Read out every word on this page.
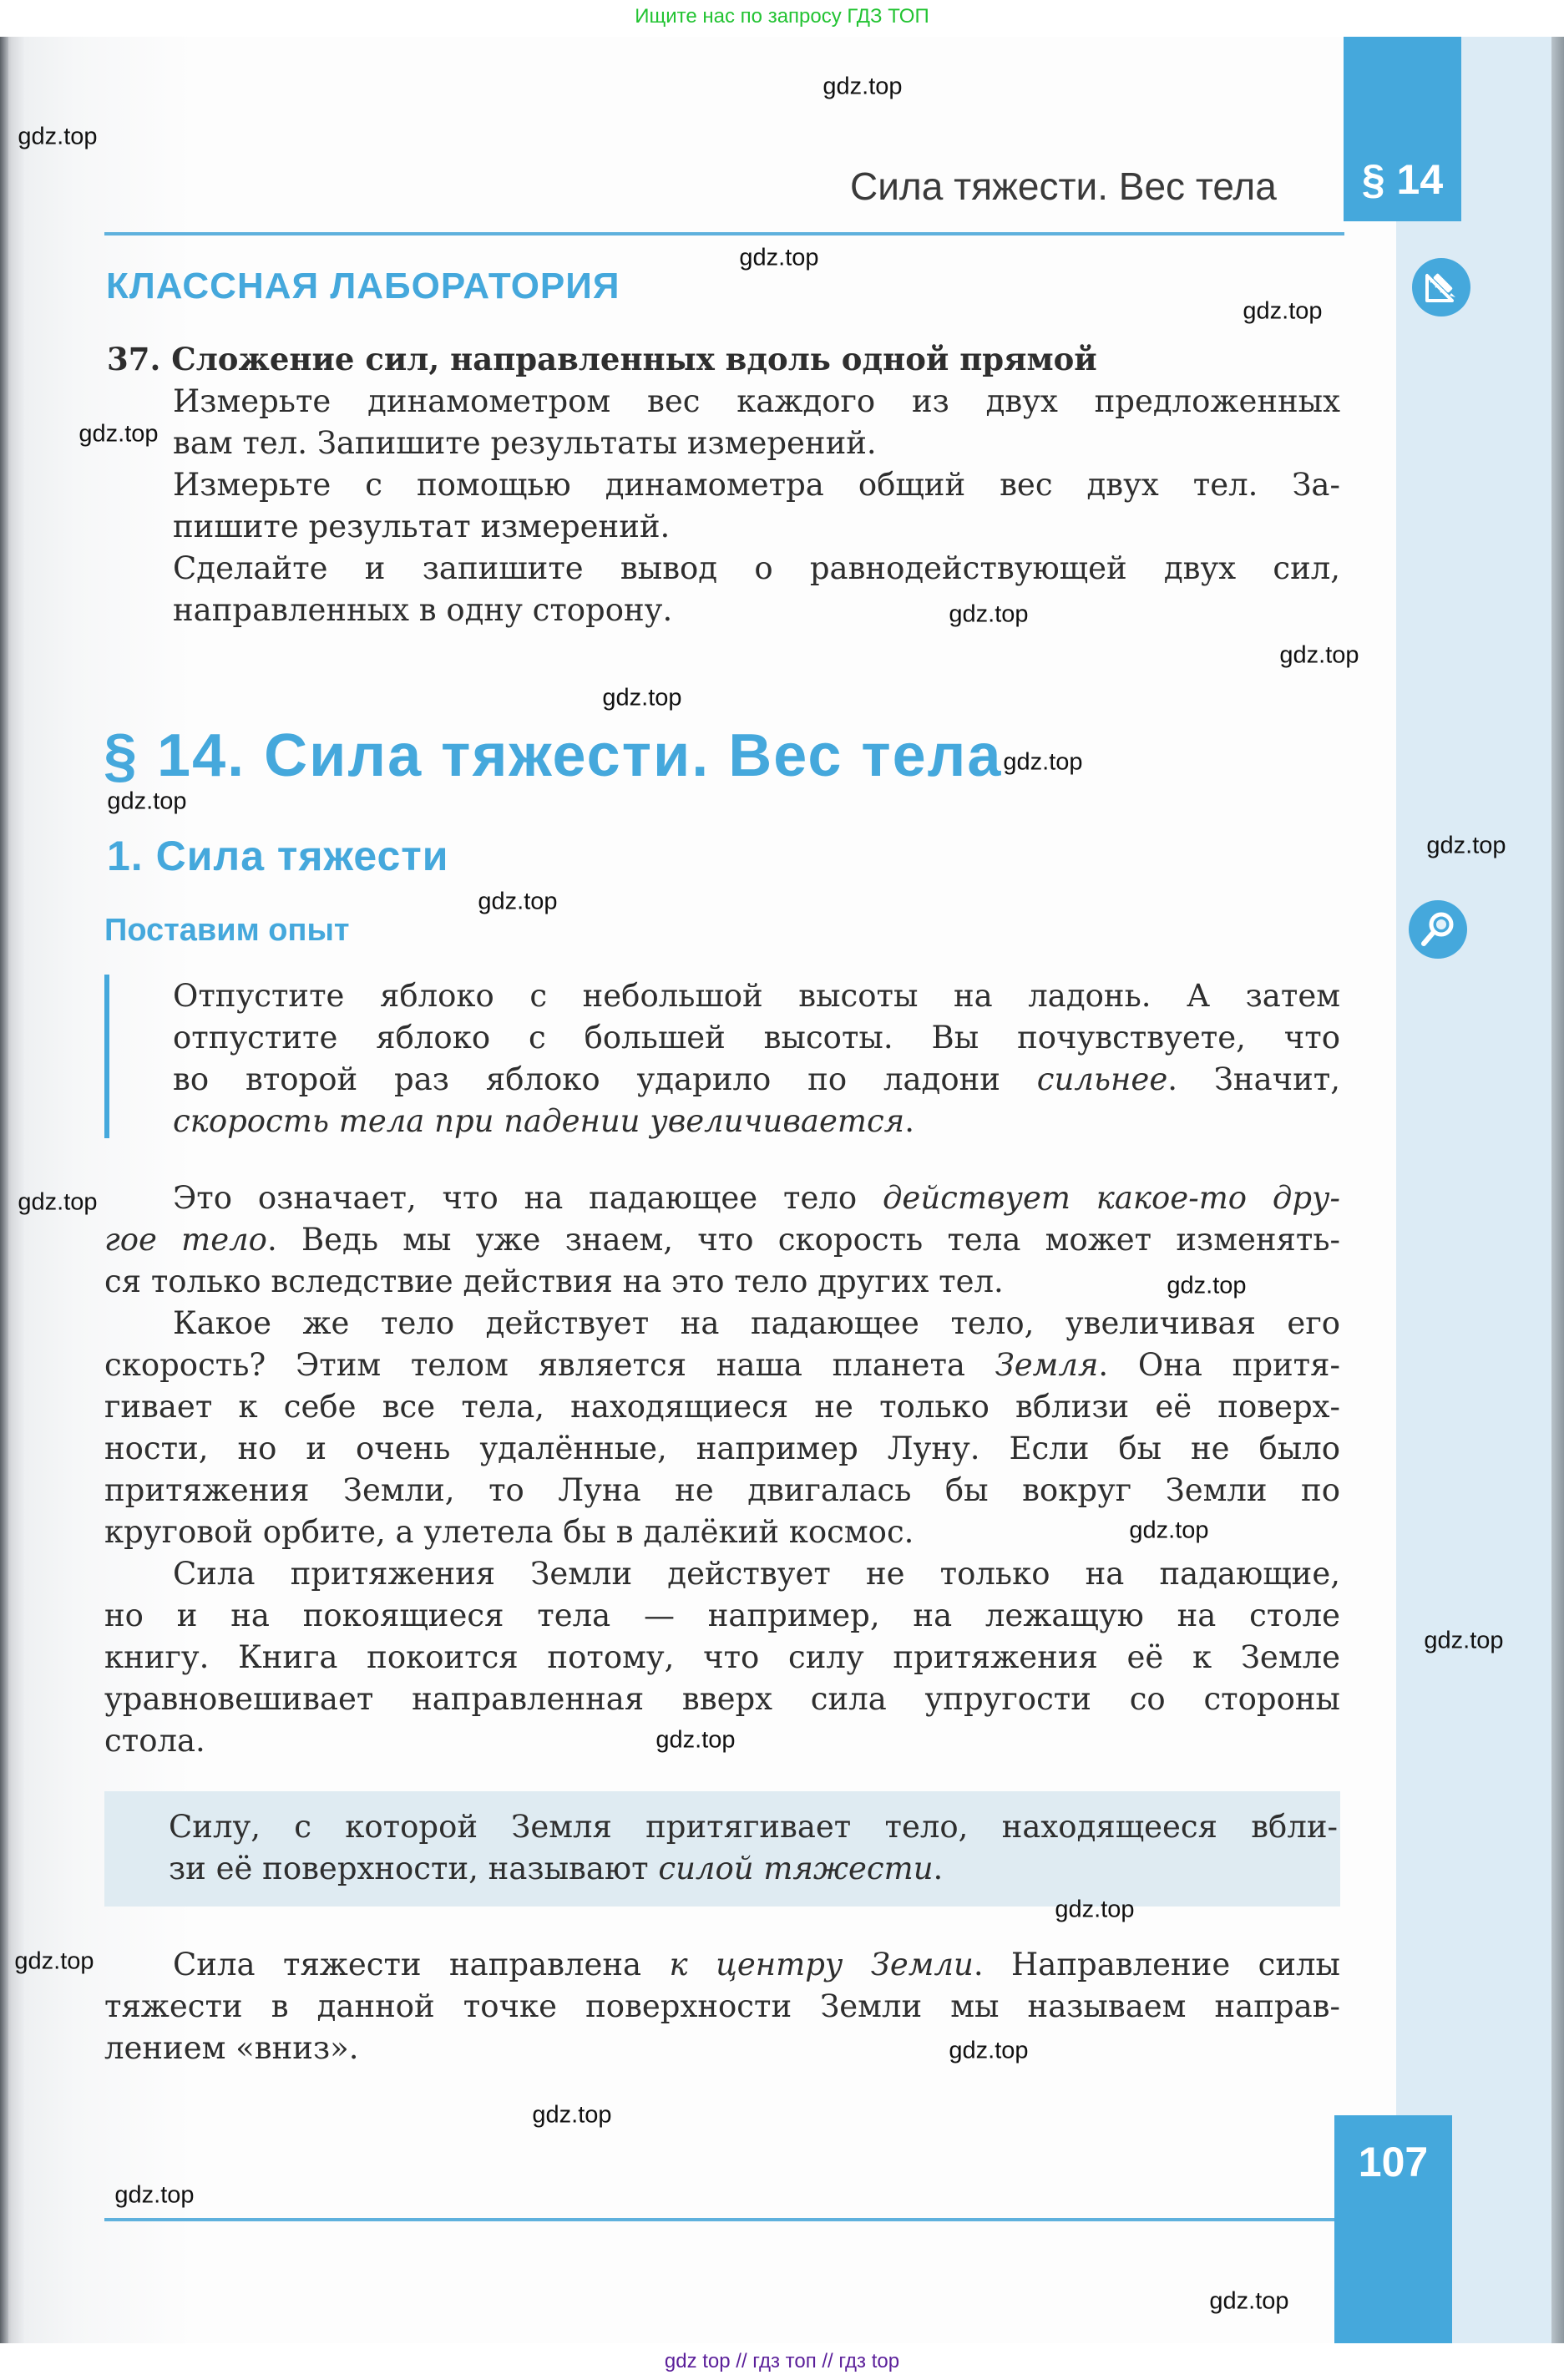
Ищите нас по запросу ГДЗ ТОП
Сила тяжести. Вес тела	§ 14
КЛАССНАЯ ЛАБОРАТОРИЯ
37. Сложение сил, направленных вдоль одной прямой
Измерьте динамометром вес каждого из двух предложенных
вам тел. Запишите результаты измерений.
Измерьте с помощью динамометра общий вес двух тел. За-
пишите результат измерений.
Сделайте и запишите вывод о равнодействующей двух сил,
направленных в одну сторону.
§ 14. Сила тяжести. Вес тела
1. Сила тяжести
Поставим опыт
Отпустите яблоко с небольшой высоты на ладонь. А затем
отпустите яблоко с большей высоты. Вы почувствуете, что
во второй раз яблоко ударило по ладони сильнее. Значит,
скорость тела при падении увеличивается.
Это означает, что на падающее тело действует какое-то дру-
гое тело. Ведь мы уже знаем, что скорость тела может изменять-
ся только вследствие действия на это тело других тел.
Какое же тело действует на падающее тело, увеличивая его
скорость? Этим телом является наша планета Земля. Она притя-
гивает к себе все тела, находящиеся не только вблизи её поверх-
ности, но и очень удалённые, например Луну. Если бы не было
притяжения Земли, то Луна не двигалась бы вокруг Земли по
круговой орбите, а улетела бы в далёкий космос.
Сила притяжения Земли действует не только на падающие,
но и на покоящиеся тела — например, на лежащую на столе
книгу. Книга покоится потому, что силу притяжения её к Земле
уравновешивает направленная вверх сила упругости со стороны
стола.
Силу, с которой Земля притягивает тело, находящееся вбли-
зи её поверхности, называют силой тяжести.
Сила тяжести направлена к центру Земли. Направление силы
тяжести в данной точке поверхности Земли мы называем направ-
лением «вниз».
107
gdz.top
gdz.top
gdz.top
gdz.top
gdz.top
gdz.top
gdz.top
gdz.top
gdz.top
gdz.top
gdz.top
gdz.top
gdz.top
gdz.top
gdz.top
gdz.top
gdz.top
gdz.top
gdz.top
gdz.top
gdz.top
gdz.top
gdz.top
gdz top // гдз топ // гдз top
